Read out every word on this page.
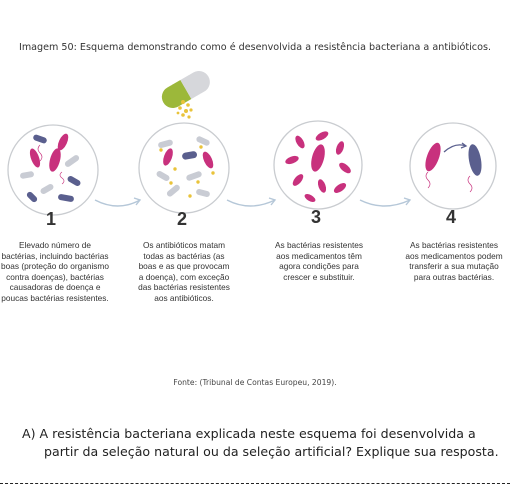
Imagem 50: Esquema demonstrando como é desenvolvida a resistência bacteriana a antibióticos.
1	2	3	4
Elevado número de bactérias, incluindo bactérias boas (proteção do organismo contra doenças), bactérias causadoras de doença e poucas bactérias resistentes.
Os antibióticos matam todas as bactérias (as boas e as que provocam a doença), com exceção das bactérias resistentes aos antibióticos.
As bactérias resistentes aos medicamentos têm agora condições para crescer e substituir.
As bactérias resistentes aos medicamentos podem transferir a sua mutação para outras bactérias.
Fonte: (Tribunal de Contas Europeu, 2019).
A) A resistência bacteriana explicada neste esquema foi desenvolvida a
partir da seleção natural ou da seleção artificial? Explique sua resposta.
